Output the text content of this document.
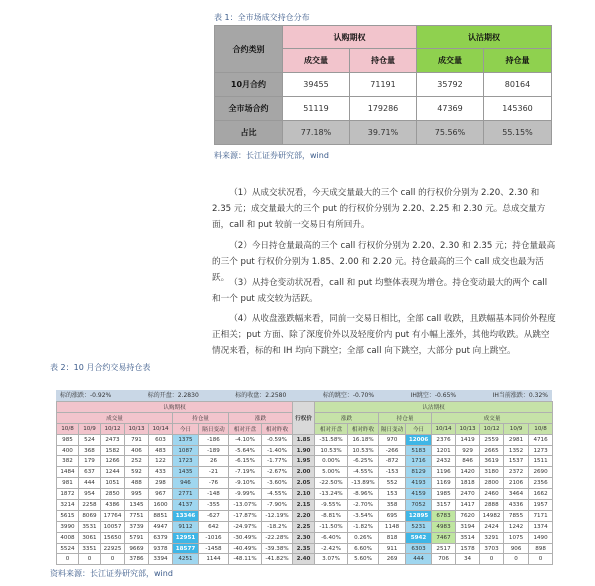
表 1：全市场成交持仓分布
合约类别	认购期权		认沽期权	
	成交量	持仓量	成交量	持仓量
10月合约	39455	71191	35792	80164
全市场合约	51119	179286	47369	145360
占比	77.18%	39.71%	75.56%	55.15%
料来源：长江证券研究部，wind

（1）从成交状况看，今天成交量最大的三个 call 的行权价分别为 2.20、2.30 和 2.35 元；成交量最大的三个 put 的行权价分别为 2.20、2.25 和 2.30 元。总成交量方面，call 和 put 较前一交易日有所回升。

（2）今日持仓量最高的三个 call 行权价分别为 2.20、2.30 和 2.35 元；持仓量最高的三个 put 行权价分别为 1.85、2.00 和 2.20 元。持仓最高的三个 call 成交也最为活跃。 （3）从持仓变动状况看，call 和 put 均整体表现为增仓。持仓变动最大的两个 call 和一个 put 成交较为活跃。

（4）从收盘涨跌幅来看，同前一交易日相比，全部 call 收跌，且跌幅基本同价外程度正相关；put 方面、除了深度价外以及轻度价内 put 有小幅上涨外，其他均收跌。从跳空情况来看，标的和 IH 均向下跳空；全部 call 向下跳空，大部分 put 向上跳空。

表 2：10 月合约交易持仓表
标的涨跌：-0.92%	标的开盘：2.2830	标的收盘：2.2580	标的跳空：-0.70%	IH跳空：-0.65%	IH当前涨跌：0.32%
认购期权									行权价	认沽期权								
成交量					持仓量		涨跌			涨跌		持仓量		成交量				
10/8	10/9	10/12	10/13	10/14	今日	隔日变动	相对开盘	相对昨收		相对开盘	相对昨收	隔日变动	今日	10/14	10/13	10/12	10/9	10/8
985	524	2473	791	603	1375	-186	-4.10%	-0.59%	1.85	-31.58%	16.18%	970	12006	2376	1419	2559	2981	4716
400	368	1582	406	483	1087	-189	-5.64%	-1.40%	1.90	10.53%	10.53%	-266	5183	1201	929	2665	1352	1273
382	179	1266	252	122	1723	26	-6.15%	-1.77%	1.95	0.00%	-6.25%	-872	1716	2432	846	3619	1537	1511
1484	637	1244	592	433	1435	-21	-7.19%	-2.67%	2.00	5.00%	-4.55%	-153	8129	1196	1420	3180	2372	2690
981	444	1051	488	298	946	-76	-9.10%	-3.60%	2.05	-22.50%	-13.89%	552	4193	1169	1818	2800	2106	2356
1872	954	2850	995	967	2771	-148	-9.99%	-4.55%	2.10	-13.24%	-8.96%	153	4159	1985	2470	2460	3464	1662
3214	2258	4386	1345	1600	4137	-355	-13.07%	-7.90%	2.15	-9.55%	-2.70%	358	7052	3157	1417	2888	4336	1957
5615	8069	17764	7751	8851	13346	-627	-17.87%	-12.19%	2.20	-8.81%	-3.54%	695	12895	6783	7620	14982	7855	7171
3990	3531	10057	3739	4947	9112	642	-24.97%	-18.2%	2.25	-11.50%	-1.82%	1148	5231	4983	3194	2424	1242	1374
4008	3061	15650	5791	6379	12951	-1016	-30.49%	-22.28%	2.30	-6.40%	0.26%	818	5942	7467	3514	3291	1075	1490
5524	3351	22925	9669	9378	18577	-1458	-40.49%	-39.38%	2.35	-2.42%	6.60%	911	6303	2517	1578	3703	906	898
0	0	0	3786	3394	4251	1144	-48.11%	-41.82%	2.40	3.07%	5.60%	269	444	706	34	0	0	0
资料来源：长江证券研究部，wind
